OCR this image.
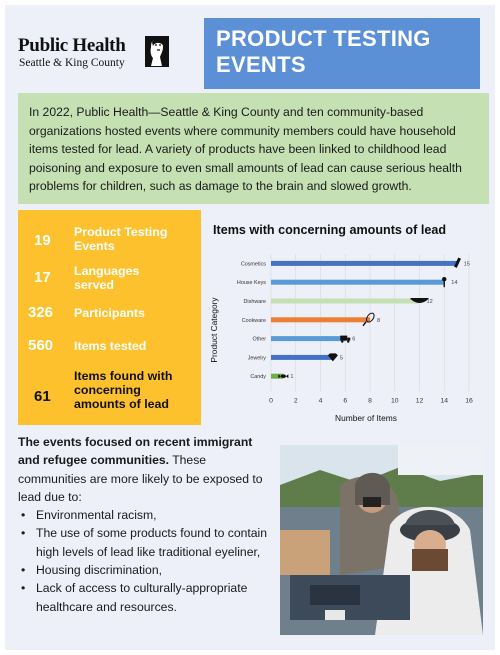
Public Health
Seattle & King County
PRODUCT TESTING
EVENTS
In 2022, Public Health—Seattle & King County and ten community-based organizations hosted events where community members could have household items tested for lead. A variety of products have been linked to childhood lead poisoning and exposure to even small amounts of lead can cause serious health problems for children, such as damage to the brain and slowed growth.
19 Product Testing
Events
17 Languages
served
326 Participants
560 Items tested
61
Items found with
concerning
amounts of lead	0	2	4	6	8	10	12	14	16
Cosmetics	15
House Keys	14
Dishware	12
Cookware	8
Other	6
Jewelry	5
Candy	1
Number of Items
Product Category
Items with concerning amounts of lead
The events focused on recent immigrant and refugee communities. These communities are more likely to be exposed to lead due to:
• Environmental racism,
• The use of some products found to contain high levels of lead like traditional eyeliner,
• Housing discrimination,
• Lack of access to culturally-appropriate healthcare and resources.
